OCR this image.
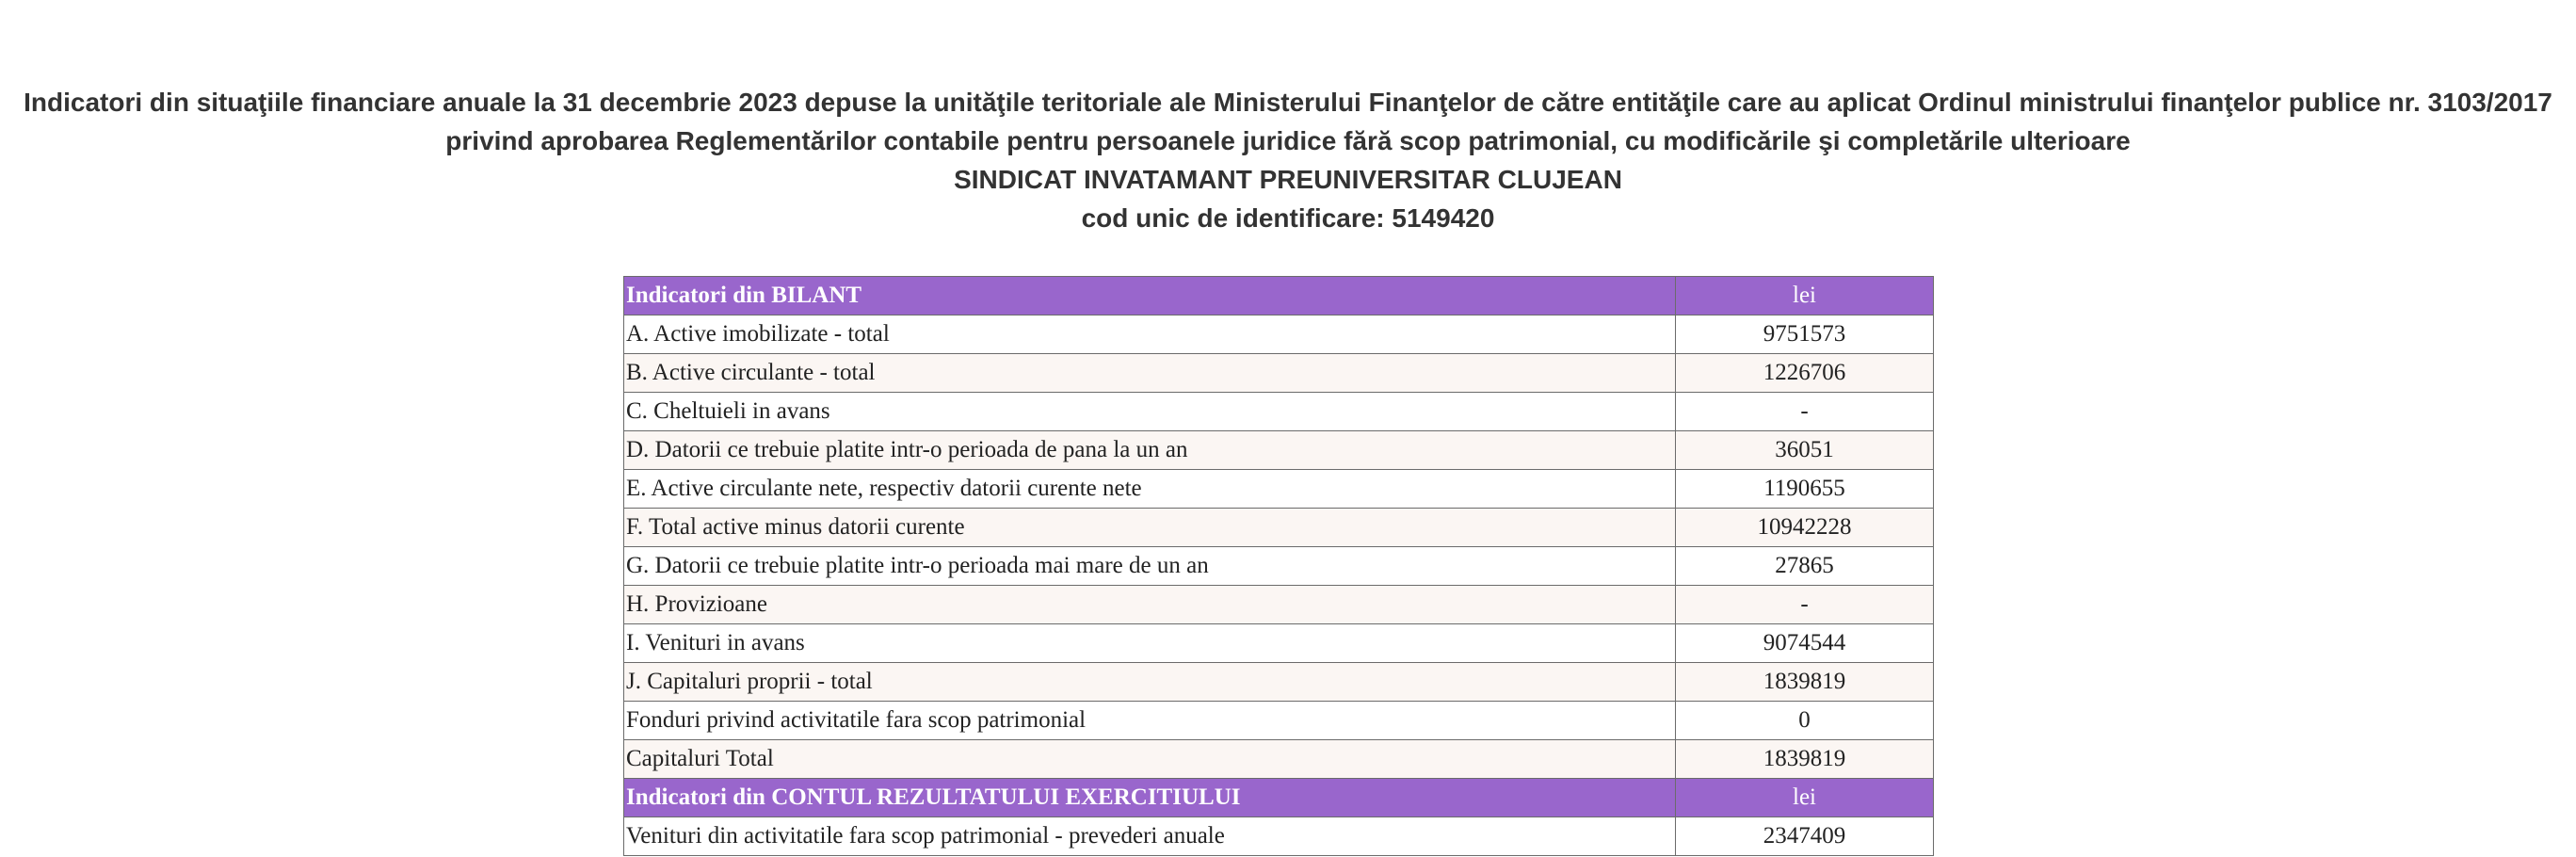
Indicatori din situaţiile financiare anuale la 31 decembrie 2023 depuse la unităţile teritoriale ale Ministerului Finanţelor de către entităţile care au aplicat Ordinul ministrului finanţelor publice nr. 3103/2017
privind aprobarea Reglementărilor contabile pentru persoanele juridice fără scop patrimonial, cu modificările şi completările ulterioare
SINDICAT INVATAMANT PREUNIVERSITAR CLUJEAN
cod unic de identificare: 5149420
Indicatori din BILANT	lei
A. Active imobilizate - total	9751573
B. Active circulante - total	1226706
C. Cheltuieli in avans	-
D. Datorii ce trebuie platite intr-o perioada de pana la un an	36051
E. Active circulante nete, respectiv datorii curente nete	1190655
F. Total active minus datorii curente	10942228
G. Datorii ce trebuie platite intr-o perioada mai mare de un an	27865
H. Provizioane	-
I. Venituri in avans	9074544
J. Capitaluri proprii - total	1839819
Fonduri privind activitatile fara scop patrimonial	0
Capitaluri Total	1839819
Indicatori din CONTUL REZULTATULUI EXERCITIULUI	lei
Venituri din activitatile fara scop patrimonial - prevederi anuale	2347409
